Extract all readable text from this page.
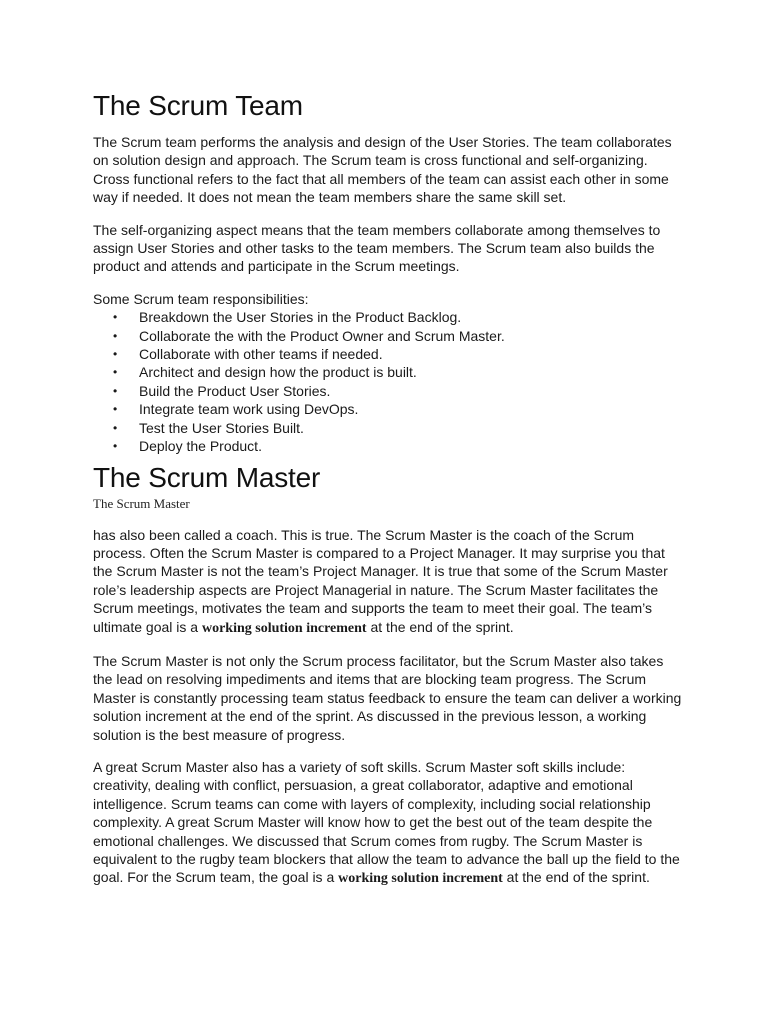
The Scrum Team

The Scrum team performs the analysis and design of the User Stories. The team collaborates on solution design and approach. The Scrum team is cross functional and self-organizing. Cross functional refers to the fact that all members of the team can assist each other in some way if needed. It does not mean the team members share the same skill set.

The self-organizing aspect means that the team members collaborate among themselves to assign User Stories and other tasks to the team members. The Scrum team also builds the product and attends and participate in the Scrum meetings.

Some Scrum team responsibilities:

• Breakdown the User Stories in the Product Backlog.
• Collaborate the with the Product Owner and Scrum Master.
• Collaborate with other teams if needed.
• Architect and design how the product is built.
• Build the Product User Stories.
• Integrate team work using DevOps.
• Test the User Stories Built.
• Deploy the Product.
The Scrum Master

The Scrum Master

has also been called a coach. This is true. The Scrum Master is the coach of the Scrum process. Often the Scrum Master is compared to a Project Manager. It may surprise you that the Scrum Master is not the team’s Project Manager. It is true that some of the Scrum Master role’s leadership aspects are Project Managerial in nature. The Scrum Master facilitates the Scrum meetings, motivates the team and supports the team to meet their goal. The team’s ultimate goal is a working solution increment at the end of the sprint.

The Scrum Master is not only the Scrum process facilitator, but the Scrum Master also takes the lead on resolving impediments and items that are blocking team progress. The Scrum Master is constantly processing team status feedback to ensure the team can deliver a working solution increment at the end of the sprint. As discussed in the previous lesson, a working solution is the best measure of progress.

A great Scrum Master also has a variety of soft skills. Scrum Master soft skills include: creativity, dealing with conflict, persuasion, a great collaborator, adaptive and emotional intelligence. Scrum teams can come with layers of complexity, including social relationship complexity. A great Scrum Master will know how to get the best out of the team despite the emotional challenges. We discussed that Scrum comes from rugby. The Scrum Master is equivalent to the rugby team blockers that allow the team to advance the ball up the field to the goal. For the Scrum team, the goal is a working solution increment at the end of the sprint.
